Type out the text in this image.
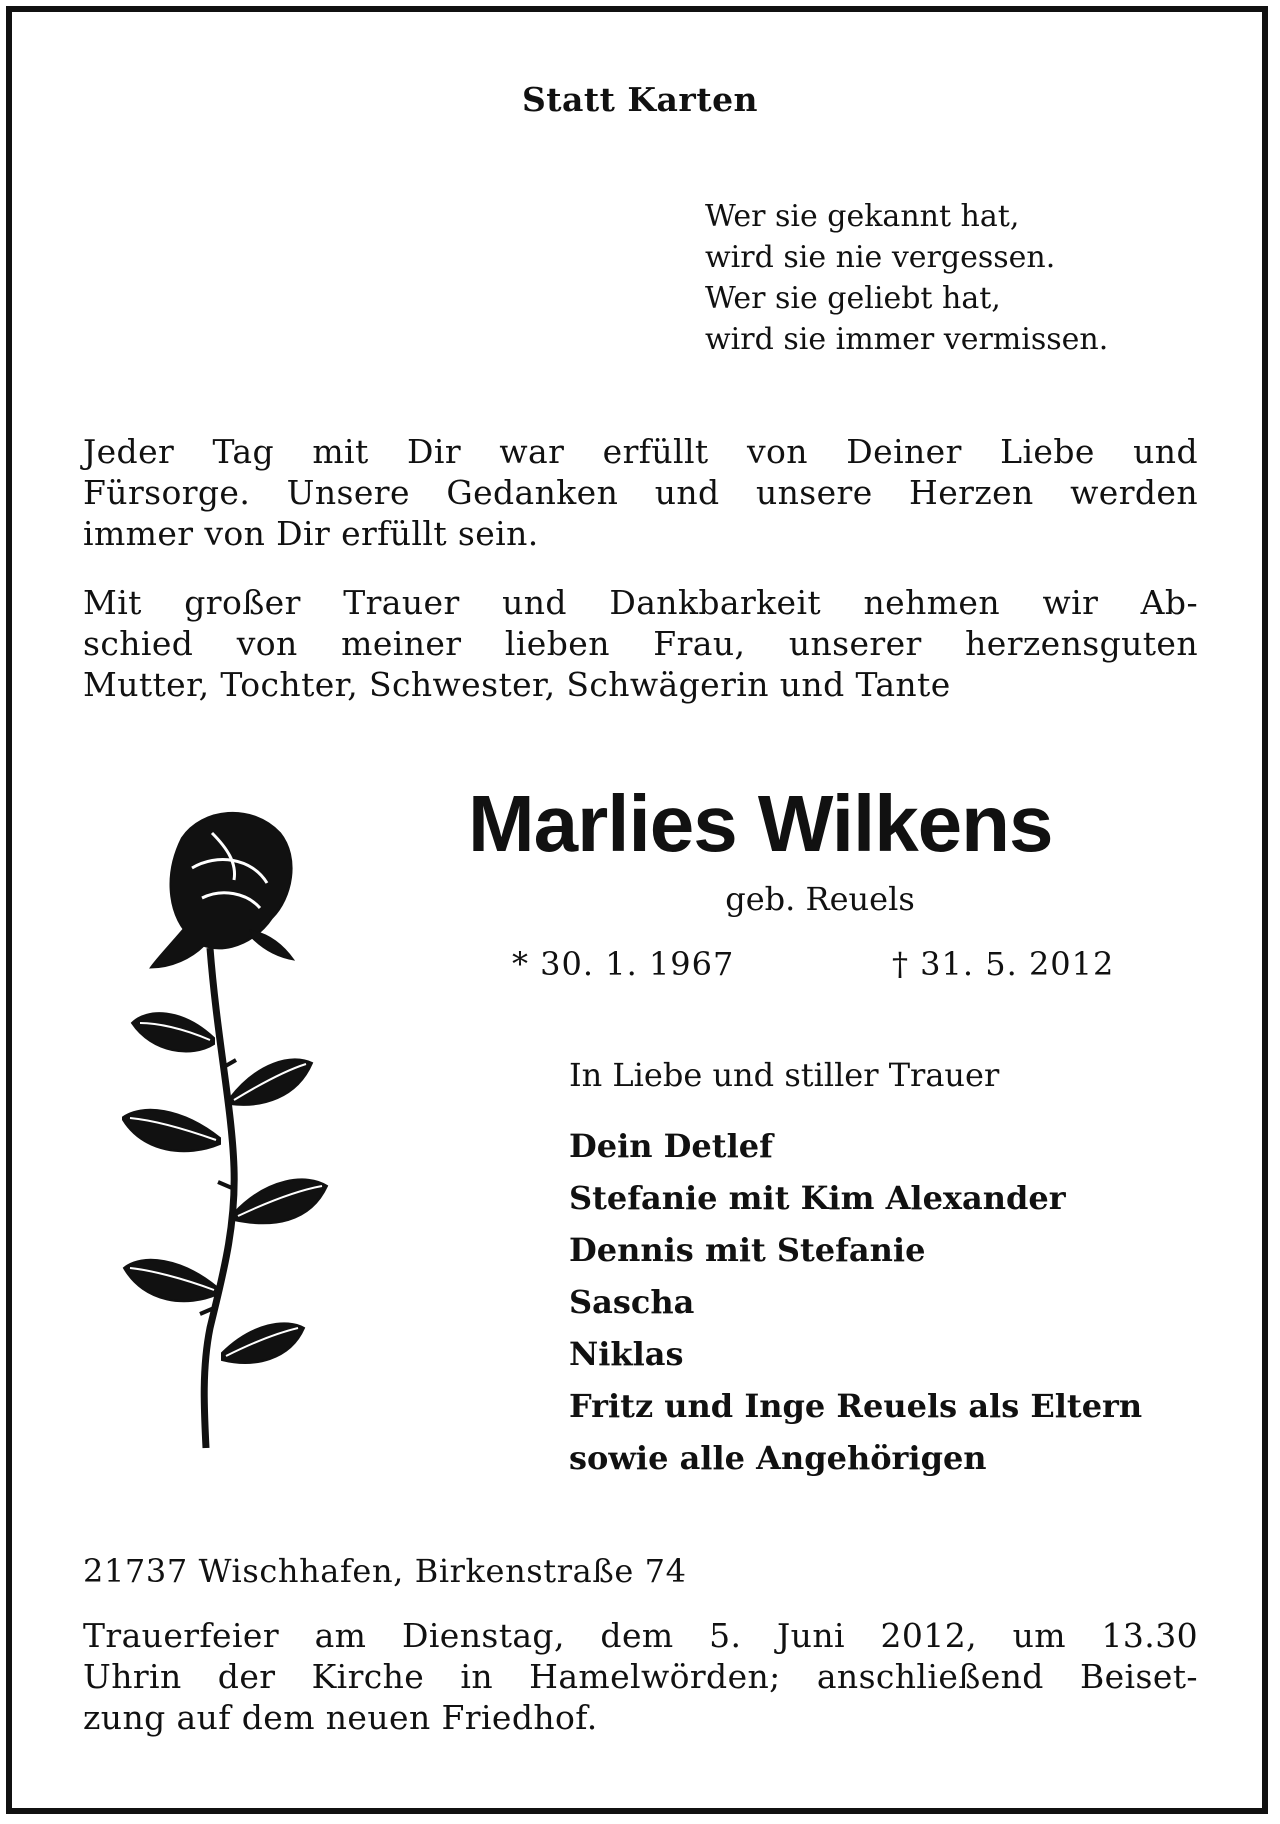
Statt Karten
Wer sie gekannt hat,
wird sie nie vergessen.
Wer sie geliebt hat,
wird sie immer vermissen.
Jeder Tag mit Dir war erfüllt von Deiner Liebe und
Fürsorge. Unsere Gedanken und unsere Herzen werden
immer von Dir erfüllt sein.
Mit großer Trauer und Dankbarkeit nehmen wir Ab-
schied von meiner lieben Frau, unserer herzensguten
Mutter, Tochter, Schwester, Schwägerin und Tante
Marlies Wilkens
geb. Reuels
* 30. 1. 1967	† 31. 5. 2012
In Liebe und stiller Trauer
Dein Detlef
Stefanie mit Kim Alexander
Dennis mit Stefanie
Sascha
Niklas
Fritz und Inge Reuels als Eltern
sowie alle Angehörigen
21737 Wischhafen, Birkenstraße 74
Trauerfeier am Dienstag, dem 5. Juni 2012, um 13.30
Uhrin der Kirche in Hamelwörden; anschließend Beiset-
zung auf dem neuen Friedhof.
